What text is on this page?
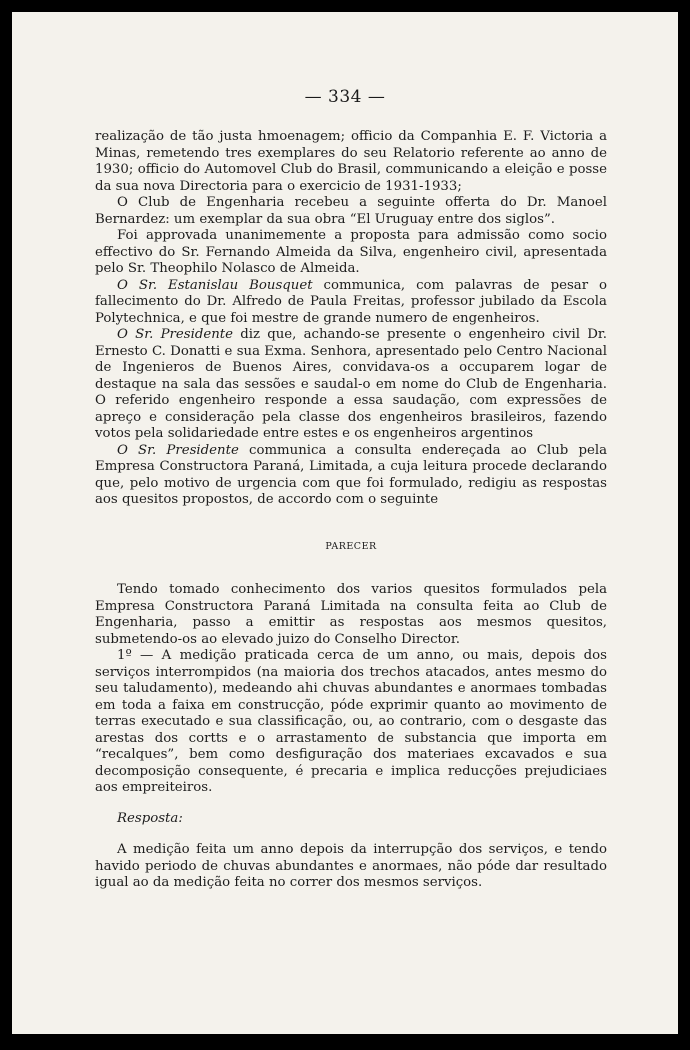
— 334 —

realização de tão justa hmoenagem; officio da Companhia E. F. Victoria a Minas, remetendo tres exemplares do seu Relatorio referente ao anno de 1930; officio do Automovel Club do Brasil, communicando a eleição e posse da sua nova Directoria para o exercicio de 1931-1933;

O Club de Engenharia recebeu a seguinte offerta do Dr. Manoel Bernardez: um exemplar da sua obra “El Uruguay entre dos siglos”.

Foi approvada unanimemente a proposta para admissão como socio effectivo do Sr. Fernando Almeida da Silva, engenheiro civil, apresentada pelo Sr. Theophilo Nolasco de Almeida.

O Sr. Estanislau Bousquet communica, com palavras de pesar o fallecimento do Dr. Alfredo de Paula Freitas, professor jubilado da Escola Polytechnica, e que foi mestre de grande numero de engenheiros.

O Sr. Presidente diz que, achando-se presente o engenheiro civil Dr. Ernesto C. Donatti e sua Exma. Senhora, apresentado pelo Centro Nacional de Ingenieros de Buenos Aires, convidava-os a occuparem logar de destaque na sala das sessões e saudal-o em nome do Club de Engenharia. O referido engenheiro responde a essa saudação, com expressões de apreço e consideração pela classe dos engenheiros brasileiros, fazendo votos pela solidariedade entre estes e os engenheiros argentinos

O Sr. Presidente communica a consulta endereçada ao Club pela Empresa Constructora Paraná, Limitada, a cuja leitura procede declarando que, pelo motivo de urgencia com que foi formulado, redigiu as respostas aos quesitos propostos, de accordo com o seguinte

PARECER

Tendo tomado conhecimento dos varios quesitos formulados pela Empresa Constructora Paraná Limitada na consulta feita ao Club de Engenharia, passo a emittir as respostas aos mesmos quesitos, submetendo-os ao elevado juizo do Conselho Director.

1º — A medição praticada cerca de um anno, ou mais, depois dos serviços interrompidos (na maioria dos trechos atacados, antes mesmo do seu taludamento), medeando ahi chuvas abundantes e anormaes tombadas em toda a faixa em construcção, póde exprimir quanto ao movimento de terras executado e sua classificação, ou, ao contrario, com o desgaste das arestas dos cortts e o arrastamento de substancia que importa em “recalques”, bem como desfiguração dos materiaes excavados e sua decomposição consequente, é precaria e implica reducções prejudiciaes aos empreiteiros.

Resposta:

A medição feita um anno depois da interrupção dos serviços, e tendo havido periodo de chuvas abundantes e anormaes, não póde dar resultado igual ao da medição feita no correr dos mesmos serviços.
